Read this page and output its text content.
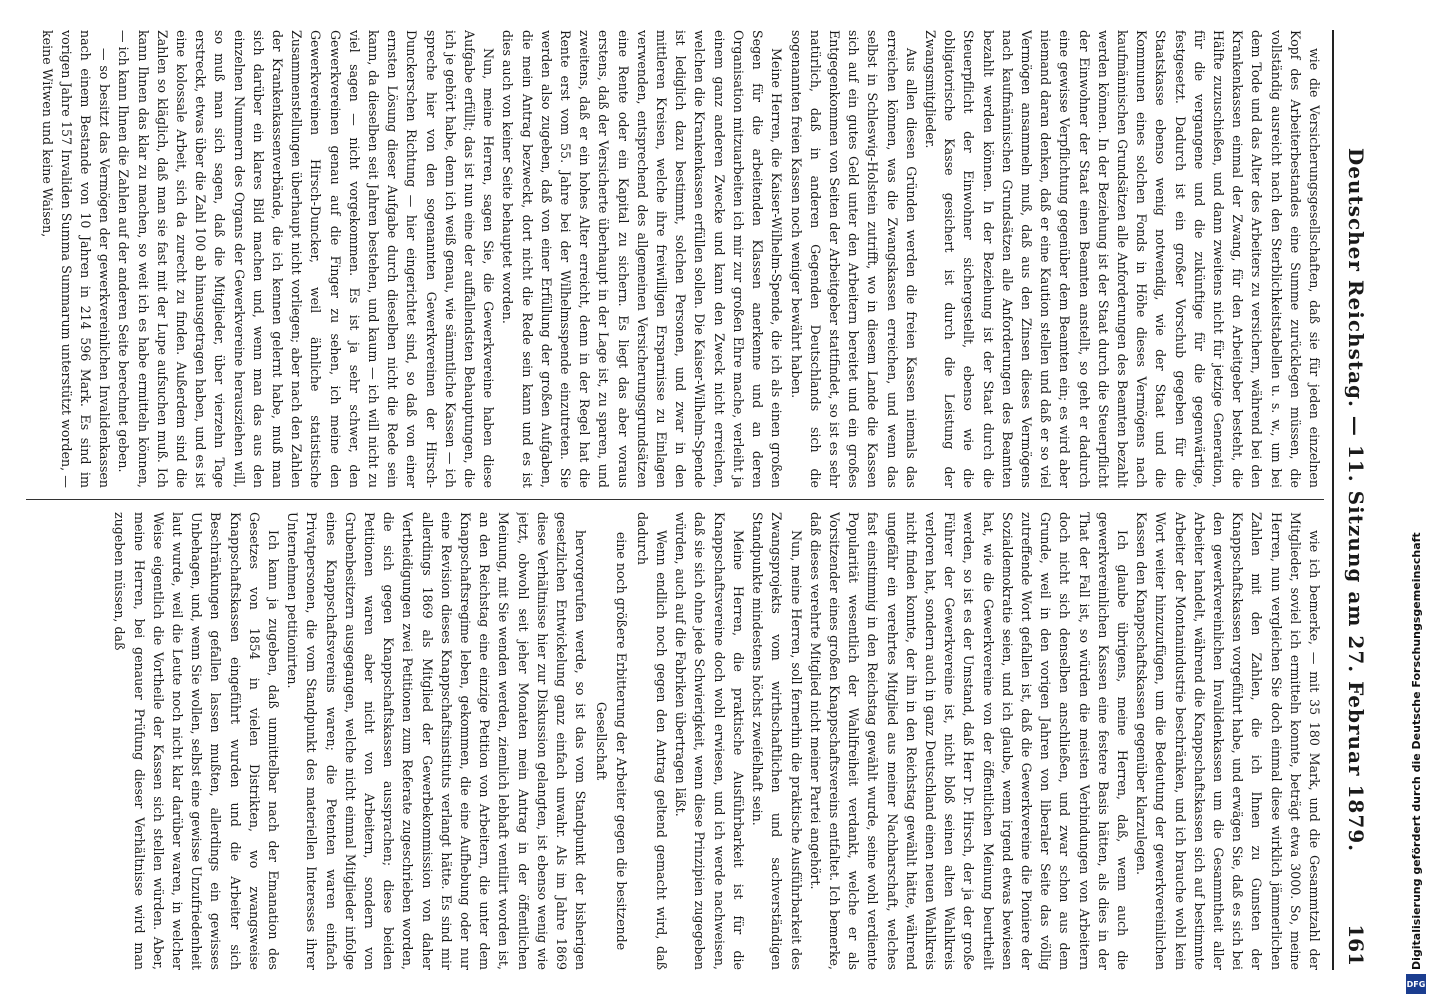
Deutscher Reichstag. — 11. Sitzung am 27. Februar 1879.
161

wie die Versicherungsgesellschaften, daß sie für jeden einzelnen Kopf des Arbeiterbestandes eine Summe zurücklegen müssen, die vollständig ausreicht nach den Sterblichkeitstabellen u. s. w., um bei dem Tode und das Alter des Arbeiters zu versichern, während bei den Krankenkassen einmal der Zwang, für den Arbeitgeber besteht, die Hälfte zuzuschießen, und dann zweitens nicht für jetzige Generation, für die vergangene und die zukünftige für die gegenwärtige, festgesetzt. Dadurch ist ein großer Vorschub gegeben für die Staatskasse ebenso wenig notwendig, wie der Staat und die Kommunen eines solchen Fonds in Höhe dieses Vermögens nach kaufmännischen Grundsätzen alle Anforderungen des Beamten bezahlt werden können. In der Beziehung ist der Staat durch die Steuerpflicht der Einwohner der Staat einen Beamten anstellt, so geht er dadurch eine gewisse Verpflichtung gegenüber dem Beamten ein; es wird aber niemand daran denken, daß er eine Kaution stellen und daß er so viel Vermögen ansammeln muß, daß aus den Zinsen dieses Vermögens nach kaufmännischen Grundsätzen alle Anforderungen des Beamten bezahlt werden können. In der Beziehung ist der Staat durch die Steuerpflicht der Einwohner sichergestellt, ebenso wie die obligatorische Kasse gesichert ist durch die Leistung der Zwangsmitglieder.

Aus allen diesen Gründen werden die freien Kassen niemals das erreichen können, was die Zwangskassen erreichen, und wenn das selbst in Schleswig-Holstein zutrifft, wo in diesem Lande die Kassen sich auf ein gutes Geld unter den Arbeitern bereitet und ein großes Entgegenkommen von Seiten der Arbeitgeber stattfindet, so ist es sehr natürlich, daß in anderen Gegenden Deutschlands sich die sogenannten freien Kassen noch weniger bewährt haben.

Meine Herren, die Kaiser-Wilhelm-Spende, die ich als einen großen Segen für die arbeitenden Klassen anerkenne und an deren Organisation mitzuarbeiten ich mir zur großen Ehre mache, verleiht ja einem ganz anderen Zwecke und kann den Zweck nicht erreichen, welchen die Krankenkassen erfüllen sollen. Die Kaiser-Wilhelm-Spende ist lediglich dazu bestimmt, solchen Personen, und zwar in den mittleren Kreisen, welche ihre freiwilligen Ersparnisse zu Einlagen verwenden, entsprechend des allgemeinen Versicherungsgrundsätzen eine Rente oder ein Kapital zu sichern. Es liegt das aber voraus erstens, daß der Versicherte überhaupt in der Lage ist, zu sparen, und zweitens, daß er ein hohes Alter erreicht, denn in der Regel hat die Rente erst vom 55. Jahre bei der Wilhelmsspende einzutreten. Sie werden also zugeben, daß von einer Erfüllung der großen Aufgaben, die mein Antrag bezweckt, dort nicht die Rede sein kann und es ist dies auch von keiner Seite behauptet worden.

Nun, meine Herren, sagen Sie, die Gewerkvereine haben diese Aufgabe erfüllt; das ist nun eine der auffallendsten Behauptungen, die ich je gehört habe, denn ich weiß genau, wie sämmtliche Kassen — ich spreche hier von den sogenannten Gewerkvereinen der Hirsch-Dunckerschen Richtung — hier eingerichtet sind, so daß von einer ernsten Lösung dieser Aufgabe durch dieselben nicht die Rede sein kann, da dieselben seit Jahren bestehen, und kaum — ich will nicht zu viel sagen — nicht vorgekommen. Es ist ja sehr schwer, den Gewerkvereinen genau auf die Finger zu sehen, ich meine den Gewerkvereinen Hirsch-Duncker, weil ähnliche statistische Zusammenstellungen überhaupt nicht vorliegen; aber nach den Zahlen der Krankenkassenverbände, die ich kennen gelernt habe, muß man sich darüber ein klares Bild machen und, wenn man das aus den einzelnen Nummern des Organs der Gewerkvereine herausziehen will, so muß man sich sagen, daß die Mitglieder, über vierzehn Tage erstreckt, etwas über die Zahl 100 ab hinausgetragen haben, und es ist eine kolossale Arbeit, sich da zurecht zu finden. Außerdem sind die Zahlen so kläglich, daß man sie fast mit der Lupe aufsuchen muß. Ich kann Ihnen das klar zu machen, so weit ich es habe ermitteln können, — ich kann Ihnen die Zahlen auf der anderen Seite berechnet geben.

— so besitzt das Vermögen der gewerkvereinlichen Invalidenkassen nach einem Bestande von 10 Jahren in 214 596 Mark. Es sind im vorigen Jahre 157 Invaliden Summa Summarum unterstützt worden, — keine Witwen und keine Waisen,

wie ich bemerke, — mit 35 180 Mark, und die Gesammtzahl der Mitglieder, soviel ich ermitteln konnte, beträgt etwa 3000. So, meine Herren, nun vergleichen Sie doch einmal diese wirklich jämmerlichen Zahlen mit den Zahlen, die ich Ihnen zu Gunsten der Knappschaftskassen vorgeführt habe, und erwägen Sie, daß es sich bei den gewerkvereinlichen Invalidenkassen um die Gesammtheit aller Arbeiter handelt, während die Knappschaftskassen sich auf bestimmte Arbeiter der Montanindustrie beschränken, und ich brauche wohl kein Wort weiter hinzuzufügen, um die Bedeutung der gewerkvereinlichen Kassen den Knappschaftskassen gegenüber klarzulegen.

Ich glaube übrigens, meine Herren, daß, wenn auch die gewerkvereinlichen Kassen eine festere Basis hätten, als dies in der That der Fall ist, so würden die meisten Verbindungen von Arbeitern doch nicht sich denselben anschließen, und zwar schon aus dem Grunde, weil in den vorigen Jahren von liberaler Seite das völlig zutreffende Wort gefallen ist, daß die Gewerkvereine die Pioniere der Sozialdemokratie seien, und ich glaube, wenn irgend etwas bewiesen hat, wie die Gewerkvereine von der öffentlichen Meinung beurtheilt werden, so ist es der Umstand, daß Herr Dr. Hirsch, der ja der große Führer der Gewerkvereine ist, nicht bloß seinen alten Wahlkreis verloren hat, sondern auch in ganz Deutschland einen neuen Wahlkreis nicht finden konnte, der ihn in den Reichstag gewählt hätte, während ungefähr ein verehrtes Mitglied aus meiner Nachbarschaft, welches fast einstimmig in den Reichstag gewählt wurde, seine wohl verdiente Popularität wesentlich der Wahlfreiheit verdankt, welche er als Vorsitzender eines großen Knappschaftsvereins entfaltet. Ich bemerke, daß dieses verehrte Mitglied nicht meiner Partei angehört.

Nun, meine Herren, soll fernerhin die praktische Ausführbarkeit des Zwangsprojekts vom wirthschaftlichen und sachverständigen Standpunkte mindestens höchst zweifelhaft sein.

Meine Herren, die praktische Ausführbarkeit ist für die Knappschaftsvereine doch wohl erwiesen, und ich werde nachweisen, daß sie sich ohne jede Schwierigkeit, wenn diese Prinzipien zugegeben würden, auch auf die Fabriken übertragen läßt.

Wenn endlich noch gegen den Antrag geltend gemacht wird, daß dadurch

eine noch größere Erbitterung der Arbeiter gegen die besitzende Gesellschaft

hervorgerufen werde, so ist das vom Standpunkt der bisherigen gesetzlichen Entwickelung ganz einfach unwahr. Als im Jahre 1869 diese Verhältnisse hier zur Diskussion gelangten, ist ebenso wenig wie jetzt, obwohl seit jeher Monaten mein Antrag in der öffentlichen Meinung, mit Sie wenden werden, ziemlich lebhaft ventilirt worden ist, an den Reichstag eine einzige Petition von Arbeitern, die unter dem Knappschaftsregime leben, gekommen, die eine Aufhebung oder nur eine Revision dieses Knappschaftsinstituts verlangt hätte. Es sind mir allerdings 1869 als Mitglied der Gewerbekommission von daher Vertheidigungen zwei Petitionen zum Referate zugeschrieben worden, die sich gegen Knappschaftskassen aussprachen; diese beiden Petitionen waren aber nicht von Arbeitern, sondern von Grubenbesitzern ausgegangen, welche nicht einmal Mitglieder infolge eines Knappschaftsvereins waren; die Petenten waren einfach Privatpersonen, die vom Standpunkt des materiellen Interesses ihrer Unternehmen petitionirten.

Ich kann ja zugeben, daß unmittelbar nach der Emanation des Gesetzes von 1854 in vielen Distrikten, wo zwangsweise Knappschaftskassen eingeführt wurden und die Arbeiter sich Beschränkungen gefallen lassen mußten, allerdings ein gewisses Unbehagen, und, wenn Sie wollen, selbst eine gewisse Unzufriedenheit laut wurde, weil die Leute noch nicht klar darüber waren, in welcher Weise eigentlich die Vortheile der Kassen sich stellen würden. Aber, meine Herren, bei genauer Prüfung dieser Verhältnisse wird man zugeben müssen, daß	Digitalisierung gefördert durch die Deutsche Forschungsgemeinschaft
DFG
